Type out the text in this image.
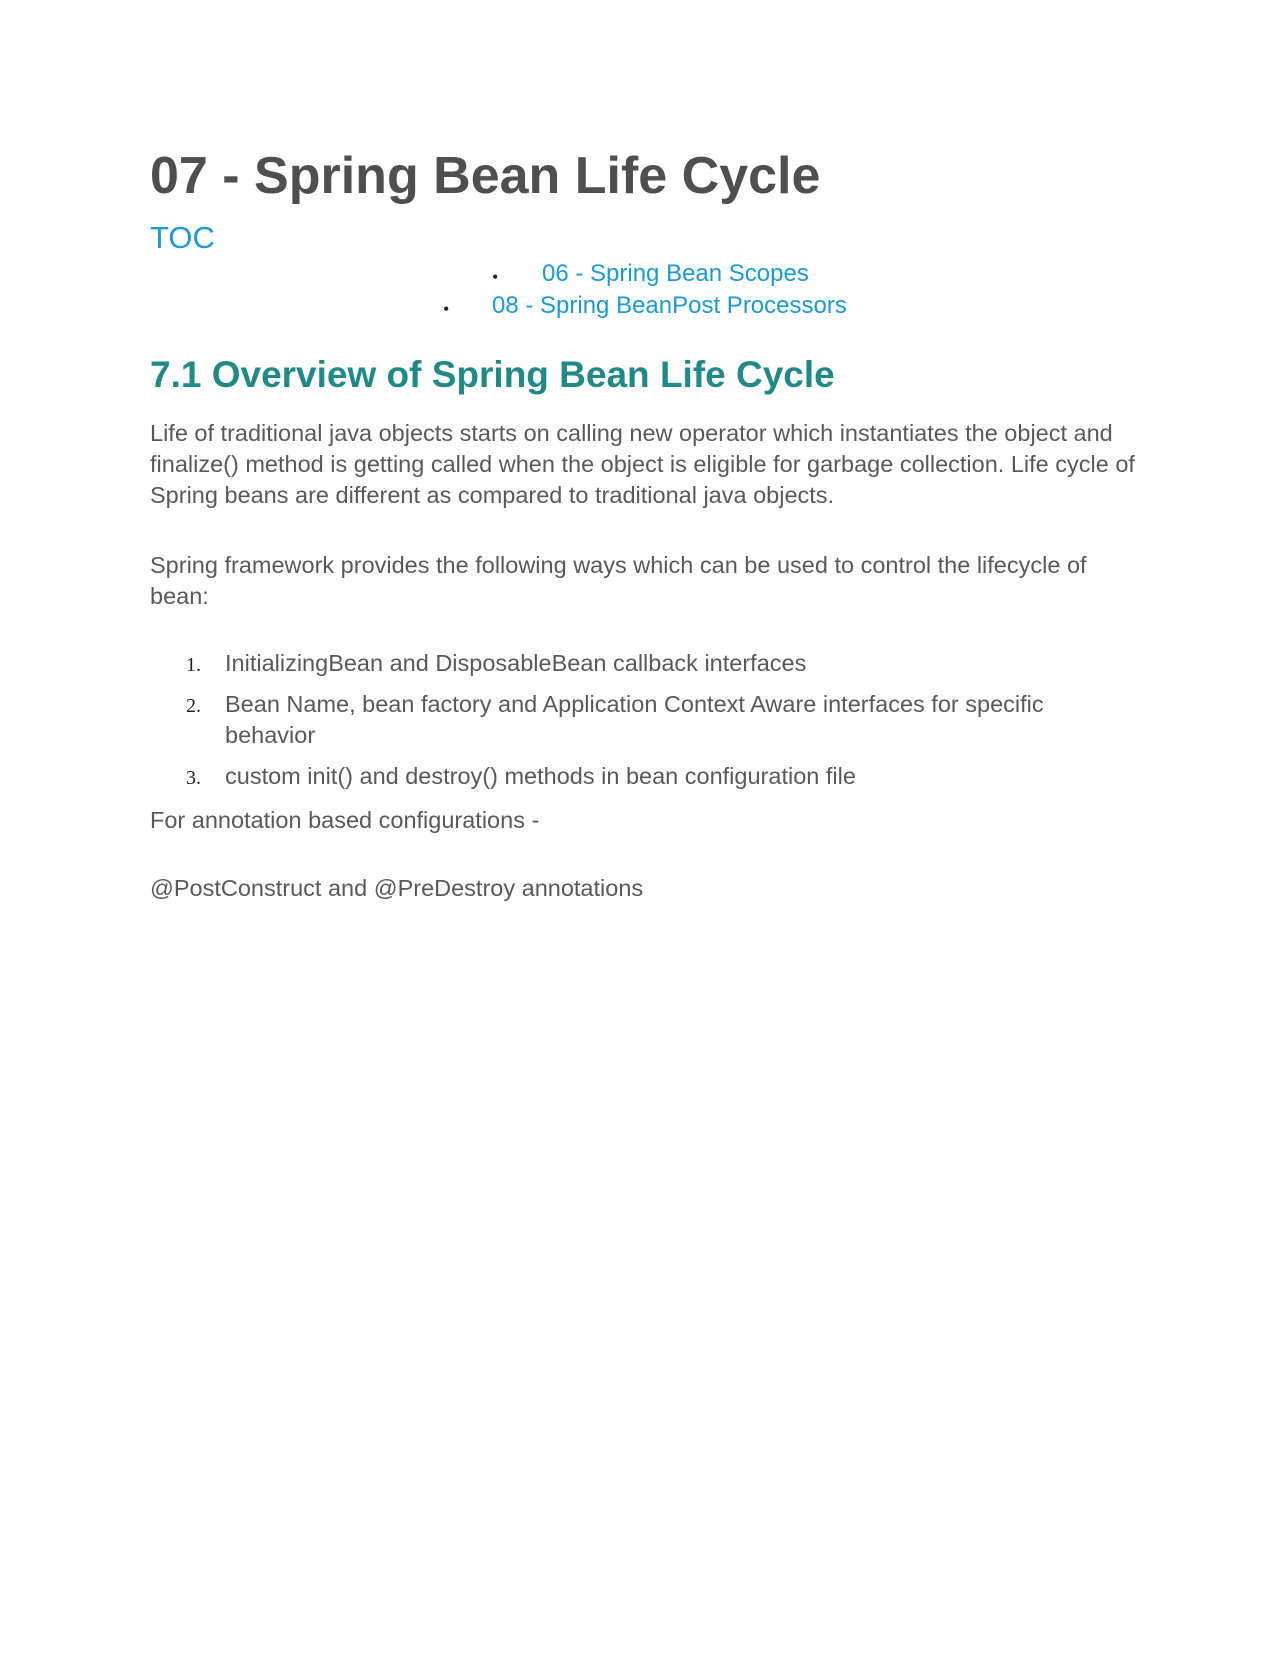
07 - Spring Bean Life Cycle
TOC
• 06 - Spring Bean Scopes
• 08 - Spring BeanPost Processors
7.1 Overview of Spring Bean Life Cycle

Life of traditional java objects starts on calling new operator which instantiates the object and finalize() method is getting called when the object is eligible for garbage collection. Life cycle of Spring beans are different as compared to traditional java objects.

Spring framework provides the following ways which can be used to control the lifecycle of bean:

1. InitializingBean and DisposableBean callback interfaces
2. Bean Name, bean factory and Application Context Aware interfaces for specific behavior
3. custom init() and destroy() methods in bean configuration file

For annotation based configurations -

@PostConstruct and @PreDestroy annotations
